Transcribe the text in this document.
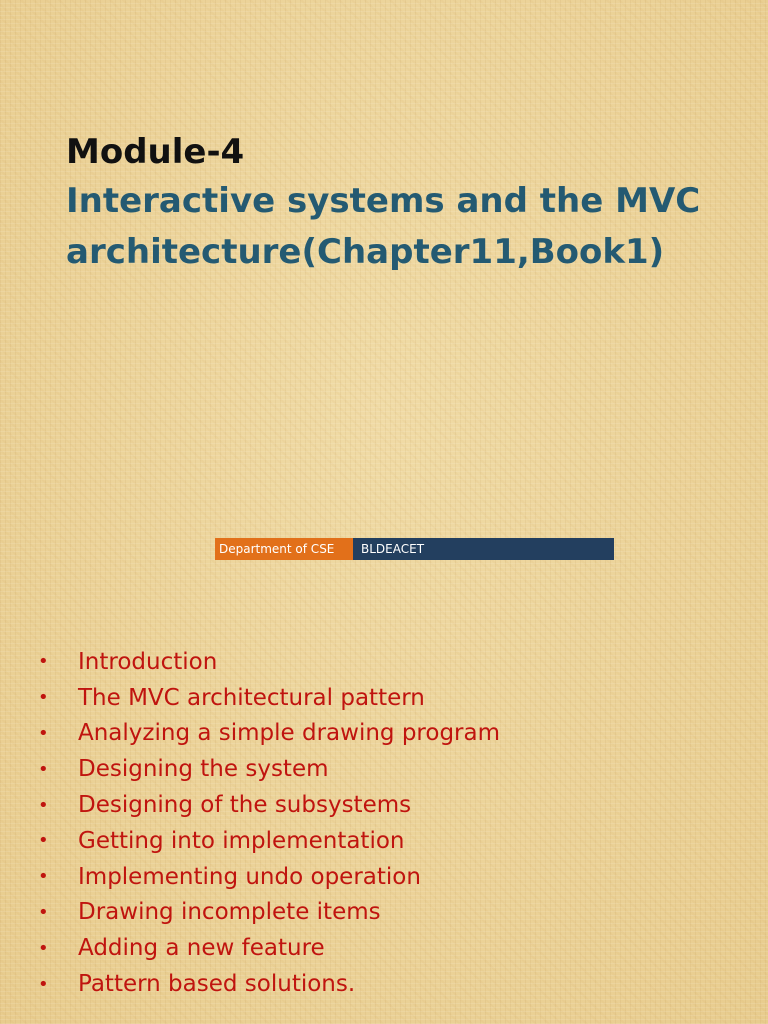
Module-4
Interactive systems and the MVC architecture(Chapter11,Book1)
Department of CSE	BLDEACET
•	Introduction
•	The MVC architectural pattern
•	Analyzing a simple drawing program
•	Designing the system
•	Designing of the subsystems
•	Getting into implementation
•	Implementing undo operation
•	Drawing incomplete items
•	Adding a new feature
•	Pattern based solutions.
